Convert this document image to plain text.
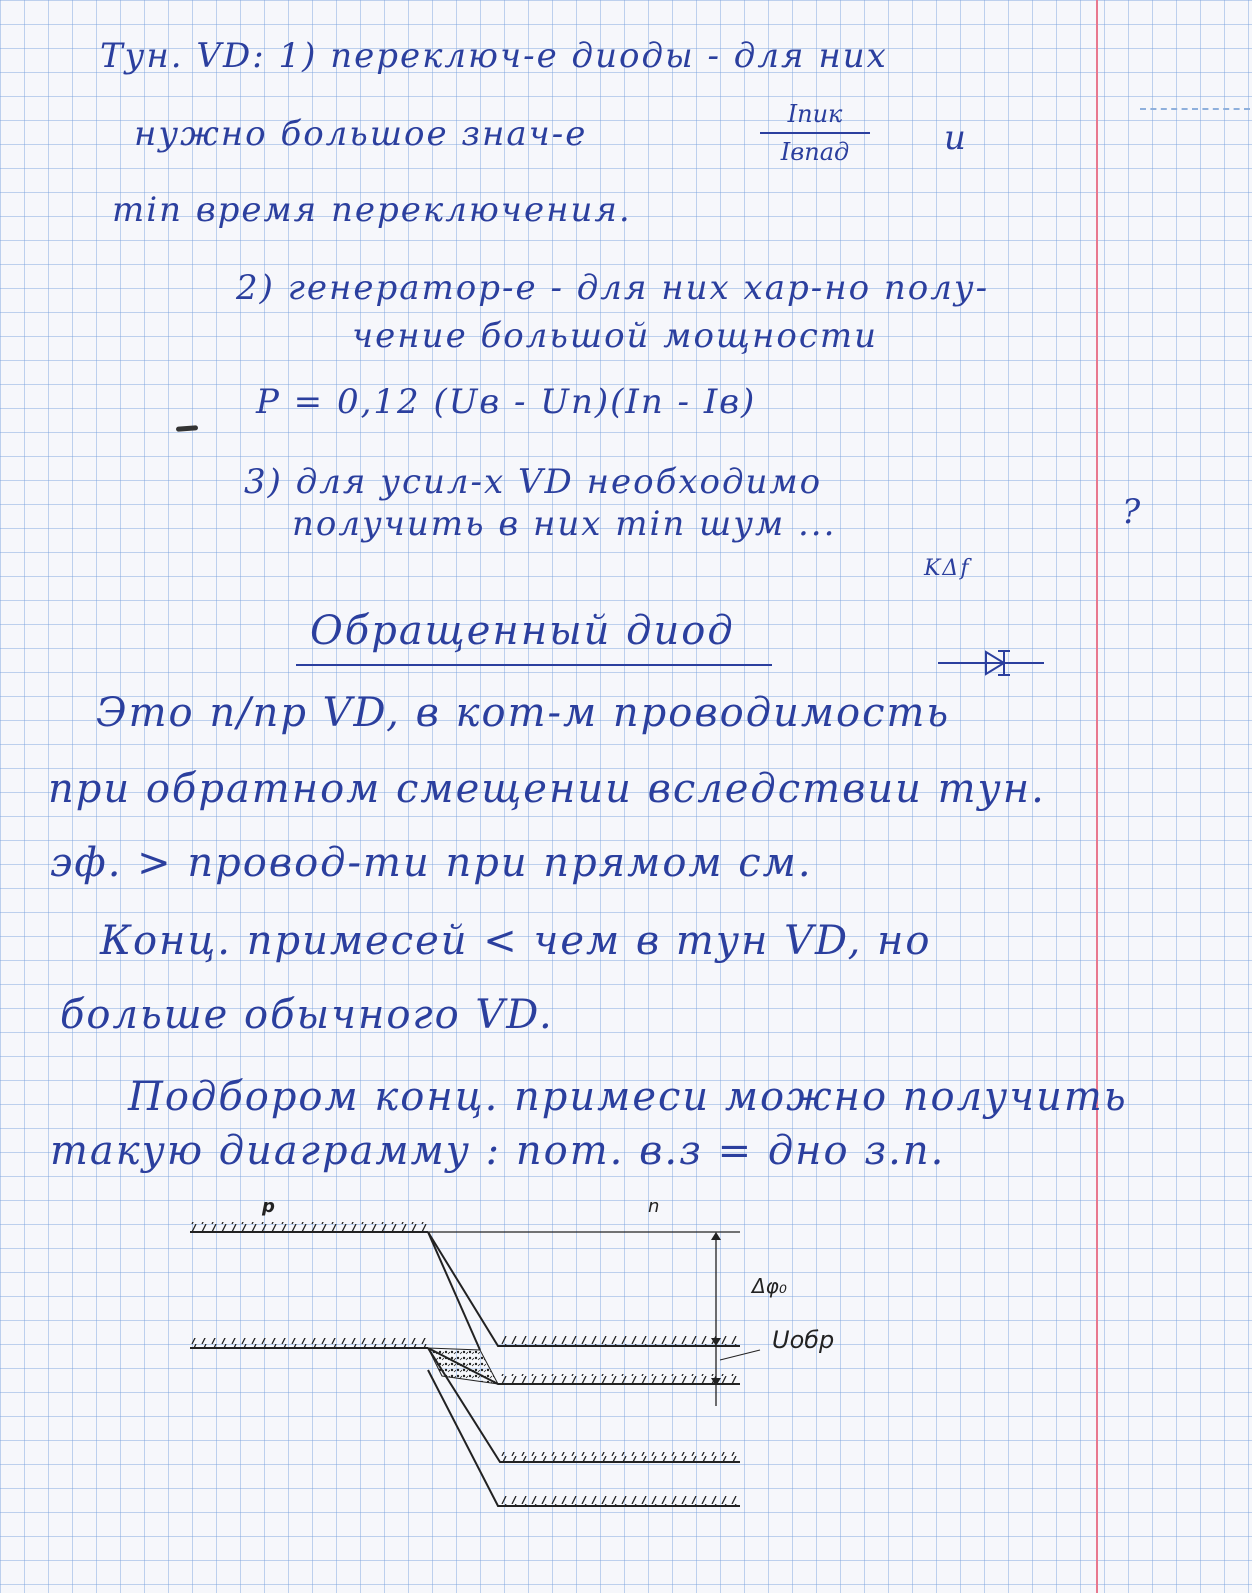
Тун. VD: 1) переключ-е диоды - для них
нужно большое знач-е	Iпик
Iвпад	и
min время переключения.
2) генератор-е - для них хар-но полу-
чение большой мощности
P = 0,12 (Uв - Uп)(Iп - Iв)
3) для усил-х VD необходимо
получить в них min шум ...	?
KΔf
Обращенный диод
Это п/пр VD, в кот-м проводимость
при обратном смещении вследствии тун.
эф. > провод-ти при прямом см.
Конц. примесей < чем в тун VD, но
больше обычного VD.
Подбором конц. примеси можно получить
такую диаграмму : пот. в.з = дно з.п.
p	n
Δφ₀
Uобр
